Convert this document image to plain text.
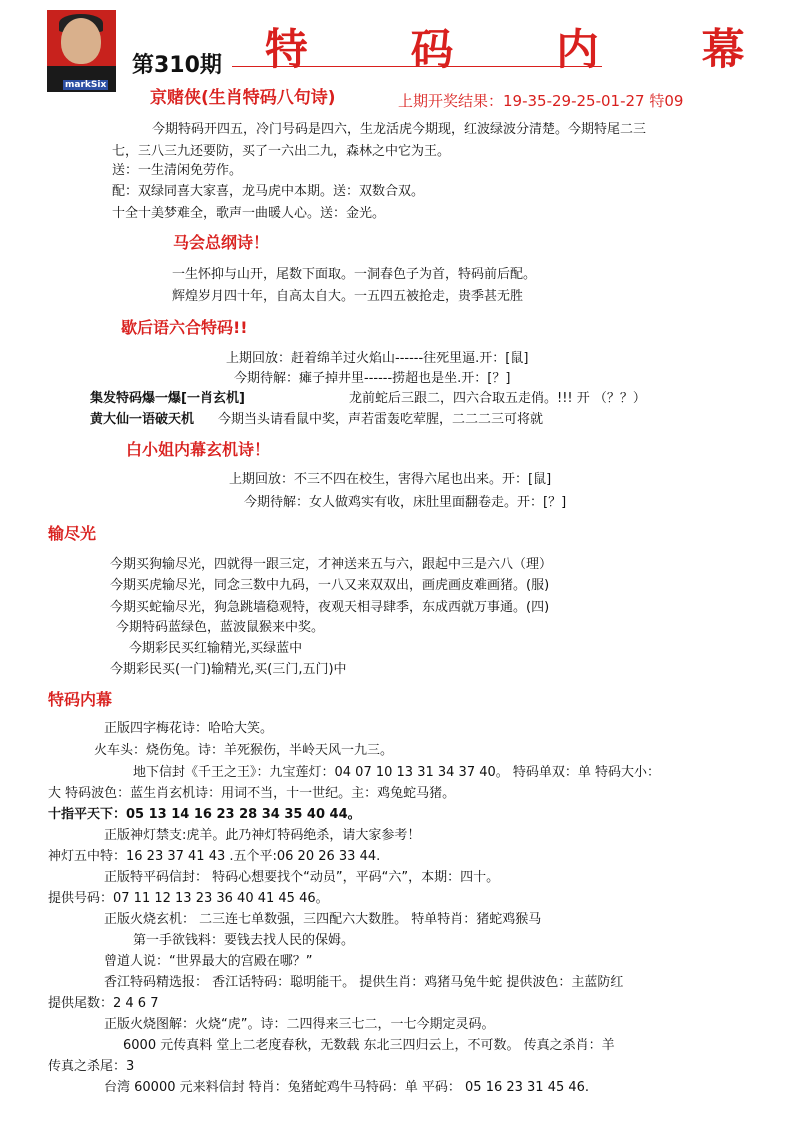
markSix
第310期 特 码 内 幕
京赌侠(生肖特码八句诗)	上期开奖结果：19-35-29-25-01-27 特09
今期特码开四五，冷门号码是四六，生龙活虎今期现，红波绿波分清楚。今期特尾二三
七，三八三九还要防，买了一六出二九，森林之中它为王。
送：一生清闲免劳作。
配：双绿同喜大家喜，龙马虎中本期。送：双数合双。
十全十美梦难全，歌声一曲暖人心。送：金光。
马会总纲诗！
一生怀抑与山开，尾数下面取。一洞春色子为首，特码前后配。
辉煌岁月四十年，自高太自大。一五四五被抢走，贵季甚无胜
歇后语六合特码!!
上期回放：赶着绵羊过火焰山------往死里逼.开：[鼠]
今期待解：瘫子掉井里------捞超也是坐.开：[？]
集发特码爆一爆[一肖玄机]	龙前蛇后三跟二，四六合取五走俏。!!! 开 （？？）
黄大仙一语破天机 今期当头请看鼠中奖，声若雷轰吃荤腥，二二二三可将就
白小姐内幕玄机诗！
上期回放：不三不四在校生，害得六尾也出来。开：[鼠]
今期待解：女人做鸡实有收，床肚里面翻卷走。开：[？]
输尽光
今期买狗输尽光，四就得一跟三定，才神送来五与六，跟起中三是六八（理）
今期买虎输尽光，同念三数中九码，一八又来双双出，画虎画皮难画猪。(服)
今期买蛇输尽光，狗急跳墙稳观特，夜观天相寻肆季，东成西就万事通。(四)
今期特码蓝绿色，蓝波鼠猴来中奖。
今期彩民买红输精光,买绿蓝中
今期彩民买(一门)输精光,买(三门,五门)中
特码内幕
正版四字梅花诗：哈哈大笑。
火车头：烧伤兔。诗：羊死猴伤，半岭天风一九三。
地下信封《千王之王》：九宝莲灯：04 07 10 13 31 34 37 40。 特码单双：单 特码大小：
大 特码波色：蓝生肖玄机诗：用词不当，十一世纪。主：鸡兔蛇马猪。
十指平天下：05 13 14 16 23 28 34 35 40 44。
正版神灯禁支:虎羊。此乃神灯特码绝杀，请大家参考！
神灯五中特：16 23 37 41 43 .五个平:06 20 26 33 44.
正版特平码信封： 特码心想要找个“动员”，平码“六”，本期：四十。
提供号码：07 11 12 13 23 36 40 41 45 46。
正版火烧玄机： 二三连七单数强，三四配六大数胜。 特单特肖：猪蛇鸡猴马
第一手欲钱料：要钱去找人民的保姆。
曾道人说：“世界最大的宫殿在哪？”
香江特码精选报： 香江话特码：聪明能干。 提供生肖：鸡猪马兔牛蛇 提供波色：主蓝防红
提供尾数：2 4 6 7
正版火烧图解：火烧“虎”。诗：二四得来三七二，一七今期定灵码。
6000 元传真料 堂上二老度春秋，无数载 东北三四归云上，不可数。 传真之杀肖：羊
传真之杀尾：3
台湾 60000 元来料信封 特肖：兔猪蛇鸡牛马特码：单 平码： 05 16 23 31 45 46.
